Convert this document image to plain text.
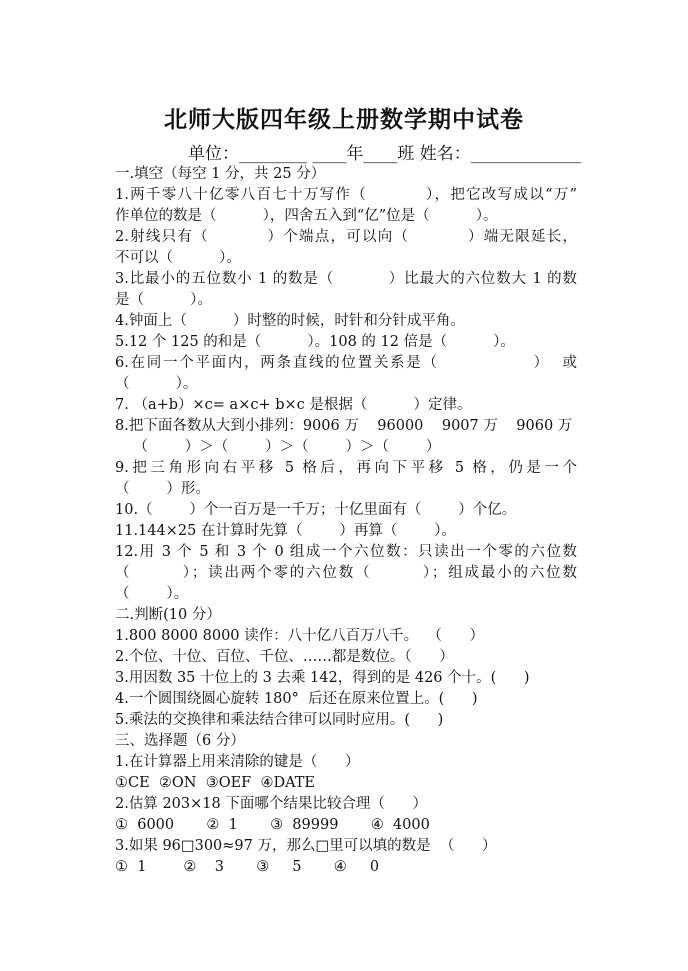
北师大版四年级上册数学期中试卷
单位：________ ____年____班 姓名：_____________

一.填空（每空 1 分，共 25 分）

1.两千零八十亿零八百七十万写作（          ），把它改写成以“万”

作单位的数是（          ），四舍五入到“亿”位是（          ）。

2.射线只有（          ）个端点，可以向（          ）端无限延长，

不可以（          ）。

3.比最小的五位数小 1 的数是（          ）比最大的六位数大 1 的数

是（          ）。

4.钟面上（          ）时整的时候，时针和分针成平角。

5.12 个 125 的和是（          ）。108 的 12 倍是（          ）。

6.在同一个平面内，两条直线的位置关系是（               ）  或

（          ）。

7. （a+b）×c= a×c+ b×c 是根据（          ）定律。

8.把下面各数从大到小排列：9006 万    96000    9007 万    9060 万

（        ）＞（        ）＞（        ）＞（        ）

9.把三角形向右平移 5 格后，再向下平移 5 格，仍是一个

（        ）形。

10.（        ）个一百万是一千万；十亿里面有（        ）个亿。

11.144×25 在计算时先算（        ）再算（        ）。

12.用 3 个 5 和 3 个 0 组成一个六位数：只读出一个零的六位数

（        ）；读出两个零的六位数（        ）；组成最小的六位数

（        ）。

二.判断(10 分）

1.800 8000 8000 读作：八十亿八百万八千。  （      ）

2.个位、十位、百位、千位、……都是数位。（      ）

3.用因数 35 十位上的 3 去乘 142，得到的是 426 个十。(      )

4.一个圆围绕圆心旋转 180°  后还在原来位置上。(      )

5.乘法的交换律和乘法结合律可以同时应用。(      )

三、选择题（6 分）

1.在计算器上用来清除的键是（      ）

①CE  ②ON  ③OEF  ④DATE

2.估算 203×18 下面哪个结果比较合理（      ）

①  6000       ②  1       ③  89999       ④  4000

3.如果 96□300≈97 万，那么□里可以填的数是  （      ）

①  1        ②    3       ③     5       ④     0
